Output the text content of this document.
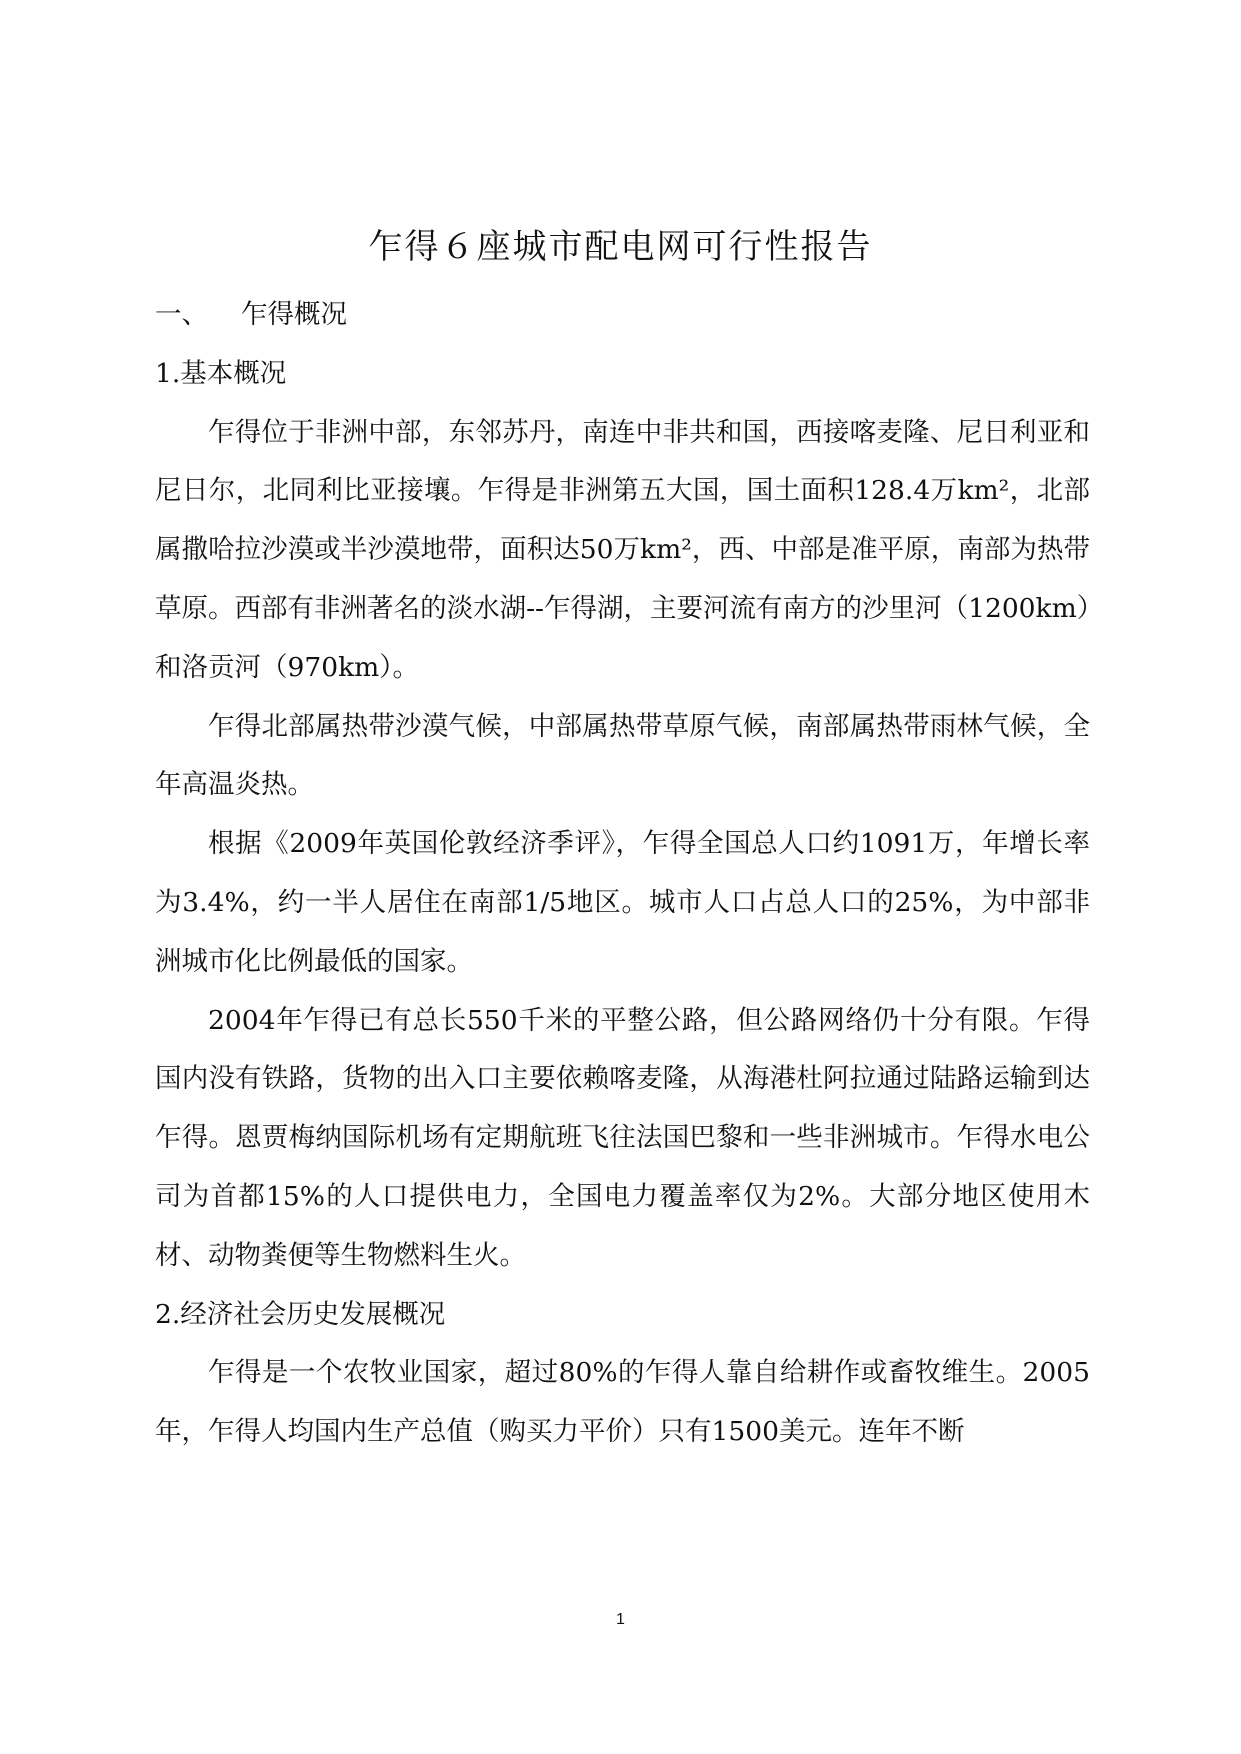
乍得６座城市配电网可行性报告

一、 乍得概况

1.基本概况

乍得位于非洲中部，东邻苏丹，南连中非共和国，西接喀麦隆、尼日利亚和尼日尔，北同利比亚接壤。乍得是非洲第五大国，国土面积128.4万km²，北部属撒哈拉沙漠或半沙漠地带，面积达50万km²，西、中部是准平原，南部为热带草原。西部有非洲著名的淡水湖--乍得湖，主要河流有南方的沙里河（1200km）和洛贡河（970km）。

乍得北部属热带沙漠气候，中部属热带草原气候，南部属热带雨林气候，全年高温炎热。

根据《2009年英国伦敦经济季评》，乍得全国总人口约1091万，年增长率为3.4%，约一半人居住在南部1/5地区。城市人口占总人口的25%，为中部非洲城市化比例最低的国家。

2004年乍得已有总长550千米的平整公路，但公路网络仍十分有限。乍得国内没有铁路，货物的出入口主要依赖喀麦隆，从海港杜阿拉通过陆路运输到达乍得。恩贾梅纳国际机场有定期航班飞往法国巴黎和一些非洲城市。乍得水电公司为首都15%的人口提供电力，全国电力覆盖率仅为2%。大部分地区使用木材、动物粪便等生物燃料生火。

2.经济社会历史发展概况

乍得是一个农牧业国家，超过80%的乍得人靠自给耕作或畜牧维生。2005年，乍得人均国内生产总值（购买力平价）只有1500美元。连年不断

1
